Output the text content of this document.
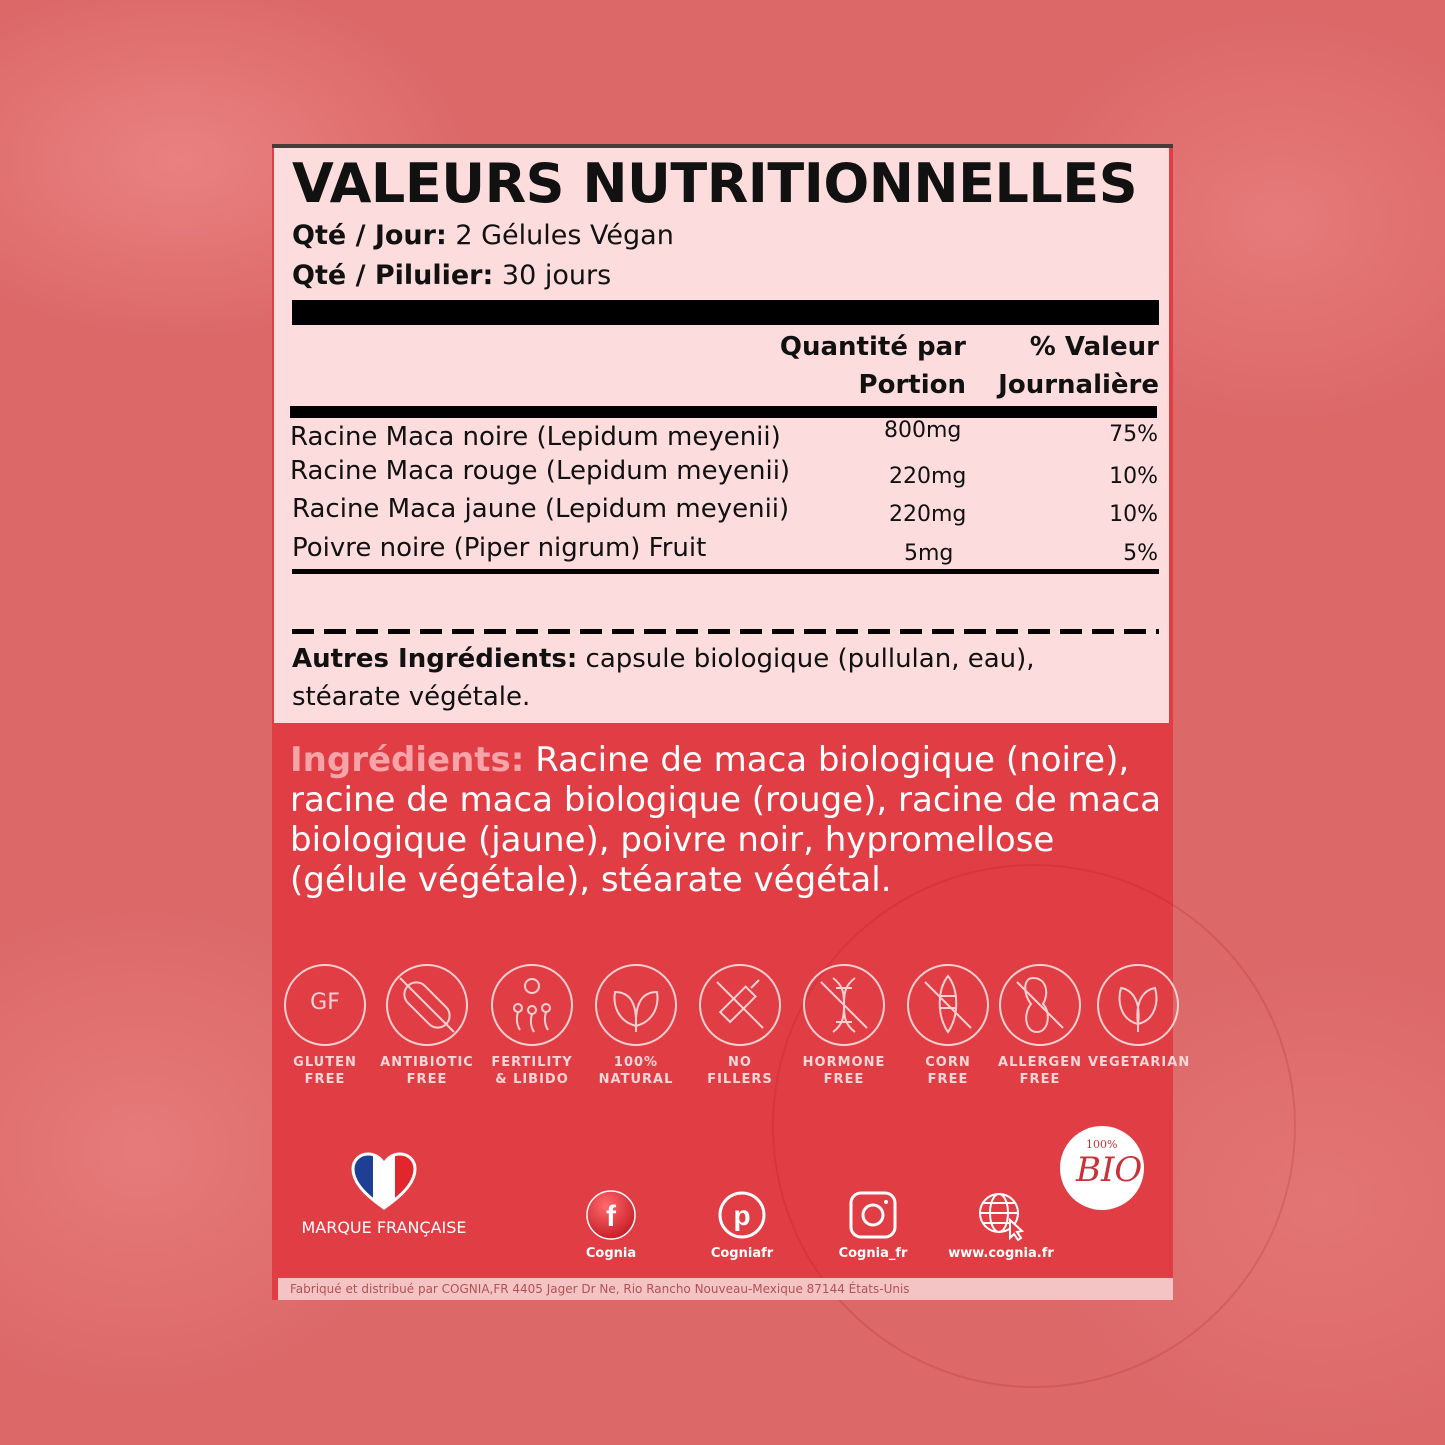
VALEURS NUTRITIONNELLES
Qté / Jour: 2 Gélules Végan
Qté / Pilulier: 30 jours
Quantité par
Portion
% Valeur
Journalière
Racine Maca noire (Lepidum meyenii)	800mg	75%
Racine Maca rouge (Lepidum meyenii)	220mg	10%
Racine Maca jaune (Lepidum meyenii)	220mg	10%
Poivre noire (Piper nigrum) Fruit	5mg	5%
Autres Ingrédients: capsule biologique (pullulan, eau),
stéarate végétale.
Ingrédients: Racine de maca biologique (noire), racine de maca biologique (rouge), racine de maca biologique (jaune), poivre noir, hypromellose (gélule végétale), stéarate végétal.
GF
GLUTEN
FREE
ANTIBIOTIC
FREE
FERTILITY
& LIBIDO
100%
NATURAL
NO
FILLERS
HORMONE
FREE
CORN
FREE
ALLERGEN
FREE
VEGETARIAN
MARQUE FRANÇAISE
100%
BIO
f
Cognia
p
Cogniafr	Cognia_fr	www.cognia.fr
Fabriqué et distribué par COGNIA,FR 4405 Jager Dr Ne, Rio Rancho Nouveau-Mexique 87144 États-Unis
